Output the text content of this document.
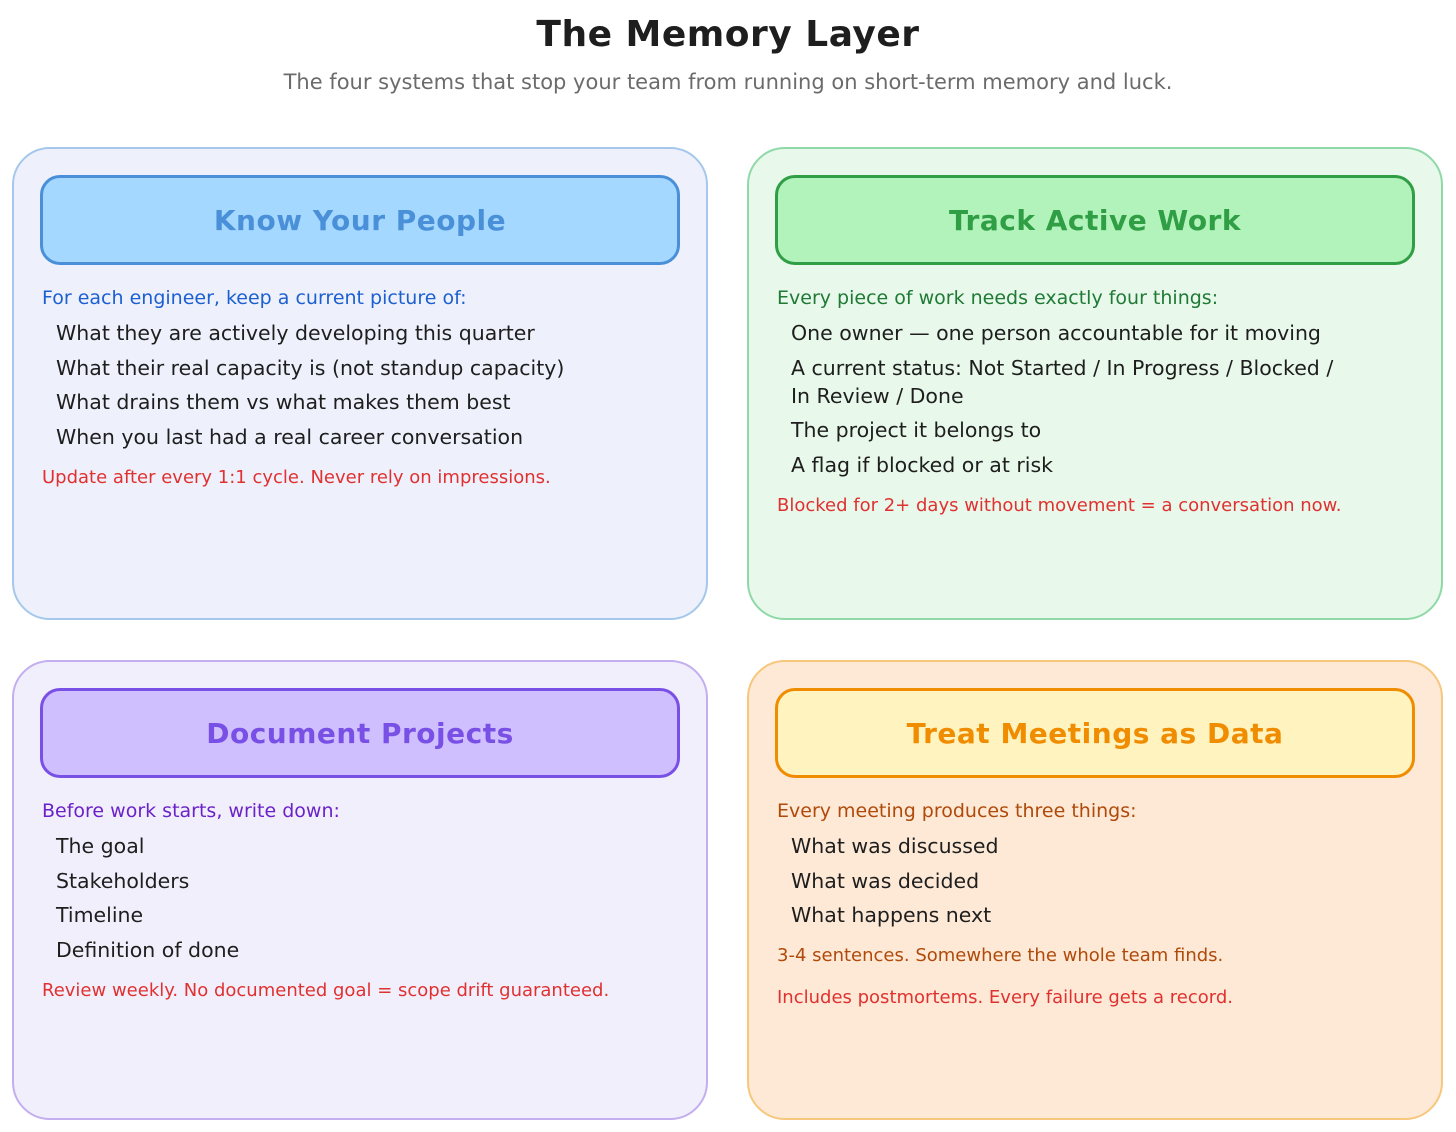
The Memory Layer
The four systems that stop your team from running on short-term memory and luck.
Know Your People
For each engineer, keep a current picture of:
What they are actively developing this quarter
What their real capacity is (not standup capacity)
What drains them vs what makes them best
When you last had a real career conversation
Update after every 1:1 cycle. Never rely on impressions.
Track Active Work
Every piece of work needs exactly four things:
One owner — one person accountable for it moving
A current status: Not Started / In Progress / Blocked / In Review / Done
The project it belongs to
A flag if blocked or at risk
Blocked for 2+ days without movement = a conversation now.
Document Projects
Before work starts, write down:
The goal
Stakeholders
Timeline
Definition of done
Review weekly. No documented goal = scope drift guaranteed.
Treat Meetings as Data
Every meeting produces three things:
What was discussed
What was decided
What happens next
3-4 sentences. Somewhere the whole team finds.
Includes postmortems. Every failure gets a record.
